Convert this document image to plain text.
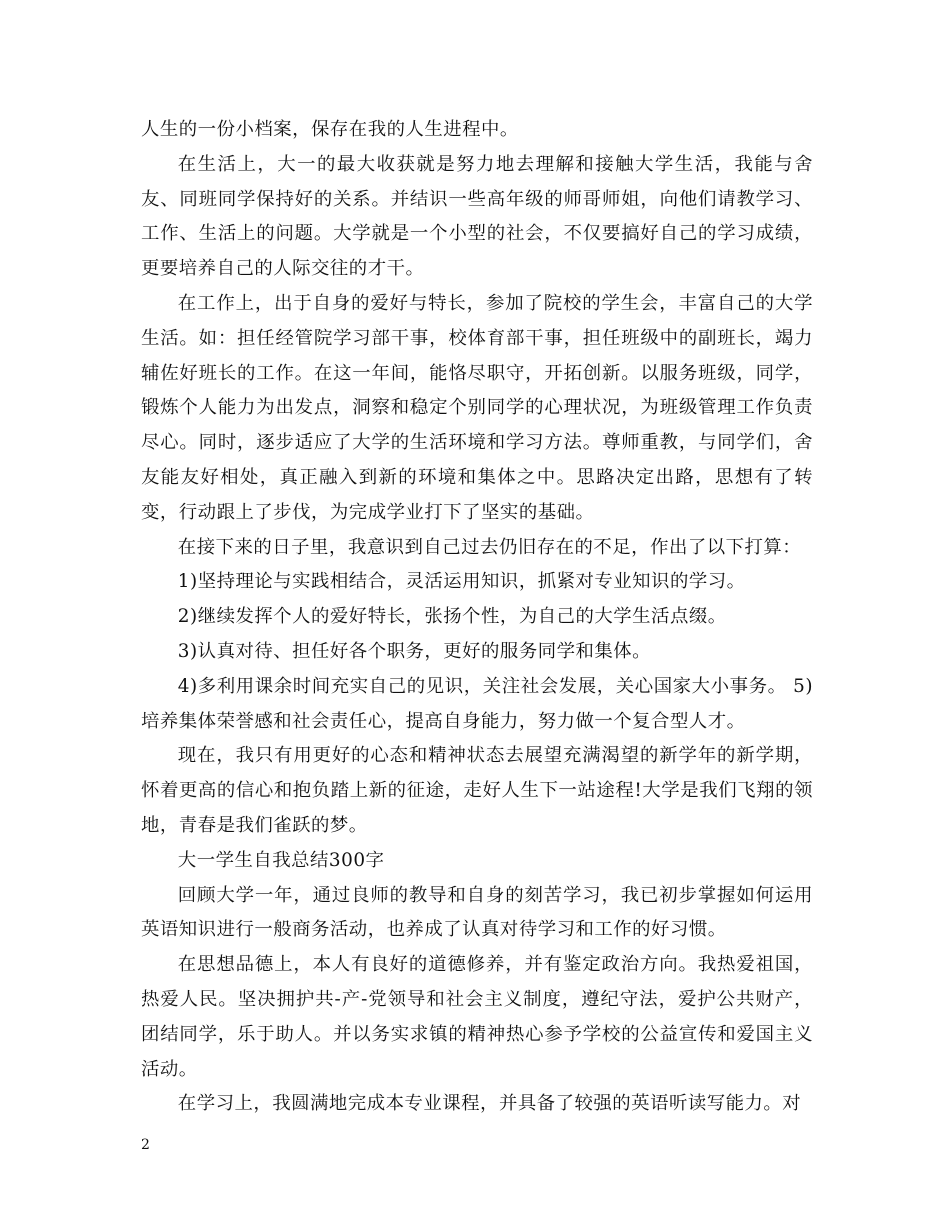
人生的一份小档案，保存在我的人生进程中。

在生活上，大一的最大收获就是努力地去理解和接触大学生活，我能与舍友、同班同学保持好的关系。并结识一些高年级的师哥师姐，向他们请教学习、工作、生活上的问题。大学就是一个小型的社会，不仅要搞好自己的学习成绩，更要培养自己的人际交往的才干。

在工作上，出于自身的爱好与特长，参加了院校的学生会，丰富自己的大学生活。如：担任经管院学习部干事，校体育部干事，担任班级中的副班长，竭力辅佐好班长的工作。在这一年间，能恪尽职守，开拓创新。以服务班级，同学，锻炼个人能力为出发点，洞察和稳定个别同学的心理状况，为班级管理工作负责尽心。同时，逐步适应了大学的生活环境和学习方法。尊师重教，与同学们，舍友能友好相处，真正融入到新的环境和集体之中。思路决定出路，思想有了转变，行动跟上了步伐，为完成学业打下了坚实的基础。

在接下来的日子里，我意识到自己过去仍旧存在的不足，作出了以下打算：

1)坚持理论与实践相结合，灵活运用知识，抓紧对专业知识的学习。

2)继续发挥个人的爱好特长，张扬个性，为自己的大学生活点缀。

3)认真对待、担任好各个职务，更好的服务同学和集体。

4)多利用课余时间充实自己的见识，关注社会发展，关心国家大小事务。 5)培养集体荣誉感和社会责任心，提高自身能力，努力做一个复合型人才。

现在，我只有用更好的心态和精神状态去展望充满渴望的新学年的新学期，怀着更高的信心和抱负踏上新的征途，走好人生下一站途程!大学是我们飞翔的领地，青春是我们雀跃的梦。

大一学生自我总结300字

回顾大学一年，通过良师的教导和自身的刻苦学习，我已初步掌握如何运用英语知识进行一般商务活动，也养成了认真对待学习和工作的好习惯。

在思想品德上，本人有良好的道德修养，并有鉴定政治方向。我热爱祖国，热爱人民。坚决拥护共-产-党领导和社会主义制度，遵纪守法，爱护公共财产，团结同学，乐于助人。并以务实求镇的精神热心参予学校的公益宣传和爱国主义活动。

在学习上，我圆满地完成本专业课程，并具备了较强的英语听读写能力。对

2
